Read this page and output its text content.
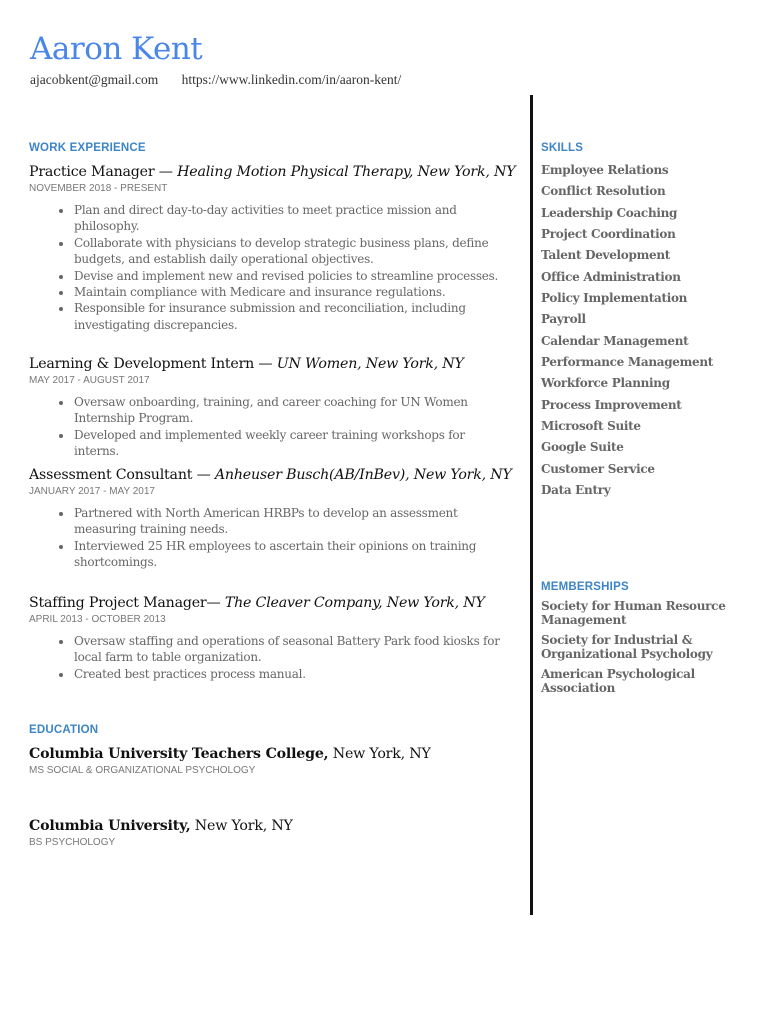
Aaron Kent
ajacobkent@gmail.com https://www.linkedin.com/in/aaron-kent/
WORK EXPERIENCE
Practice Manager — Healing Motion Physical Therapy, New York, NY
NOVEMBER 2018 - PRESENT
• Plan and direct day-to-day activities to meet practice mission and philosophy.
• Collaborate with physicians to develop strategic business plans, define budgets, and establish daily operational objectives.
• Devise and implement new and revised policies to streamline processes.
• Maintain compliance with Medicare and insurance regulations.
• Responsible for insurance submission and reconciliation, including investigating discrepancies.
Learning & Development Intern — UN Women, New York, NY
MAY 2017 - AUGUST 2017
• Oversaw onboarding, training, and career coaching for UN Women Internship Program.
• Developed and implemented weekly career training workshops for interns.
Assessment Consultant — Anheuser Busch(AB/InBev), New York, NY
JANUARY 2017 - MAY 2017
• Partnered with North American HRBPs to develop an assessment measuring training needs.
• Interviewed 25 HR employees to ascertain their opinions on training shortcomings.
Staffing Project Manager— The Cleaver Company, New York, NY
APRIL 2013 - OCTOBER 2013
• Oversaw staffing and operations of seasonal Battery Park food kiosks for local farm to table organization.
• Created best practices process manual.
EDUCATION
Columbia University Teachers College, New York, NY
MS SOCIAL & ORGANIZATIONAL PSYCHOLOGY
Columbia University, New York, NY
BS PSYCHOLOGY
SKILLS
Employee Relations
Conflict Resolution
Leadership Coaching
Project Coordination
Talent Development
Office Administration
Policy Implementation
Payroll
Calendar Management
Performance Management
Workforce Planning
Process Improvement
Microsoft Suite
Google Suite
Customer Service
Data Entry
MEMBERSHIPS
Society for Human Resource Management
Society for Industrial & Organizational Psychology
American Psychological Association
